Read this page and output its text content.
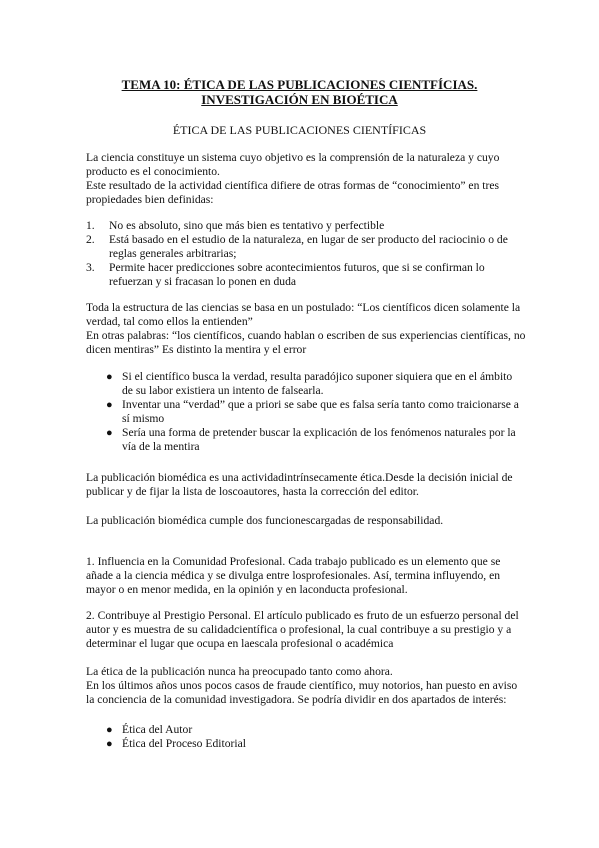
TEMA 10: ÉTICA DE LAS PUBLICACIONES CIENTFÍCIAS.
INVESTIGACIÓN EN BIOÉTICA
ÉTICA DE LAS PUBLICACIONES CIENTÍFICAS

La ciencia constituye un sistema cuyo objetivo es la comprensión de la naturaleza y cuyo producto es el conocimiento.

Este resultado de la actividad científica difiere de otras formas de “conocimiento” en tres propiedades bien definidas:

1. No es absoluto, sino que más bien es tentativo y perfectible
2. Está basado en el estudio de la naturaleza, en lugar de ser producto del raciocinio o de reglas generales arbitrarias;
3. Permite hacer predicciones sobre acontecimientos futuros, que si se confirman lo refuerzan y si fracasan lo ponen en duda

Toda la estructura de las ciencias se basa en un postulado: “Los científicos dicen solamente la verdad, tal como ellos la entienden”

En otras palabras: “los científicos, cuando hablan o escriben de sus experiencias científicas, no dicen mentiras” Es distinto la mentira y el error

● Si el científico busca la verdad, resulta paradójico suponer siquiera que en el ámbito de su labor existiera un intento de falsearla.
● Inventar una “verdad” que a priori se sabe que es falsa sería tanto como traicionarse a sí mismo
● Sería una forma de pretender buscar la explicación de los fenómenos naturales por la vía de la mentira
La publicación biomédica es una actividadintrínsecamente ética.Desde la decisión inicial de publicar y de fijar la lista de loscoautores, hasta la corrección del editor.
La publicación biomédica cumple dos funcionescargadas de responsabilidad.
1. Influencia en la Comunidad Profesional. Cada trabajo publicado es un elemento que se añade a la ciencia médica y se divulga entre losprofesionales. Así, termina influyendo, en mayor o en menor medida, en la opinión y en laconducta profesional.
2. Contribuye al Prestigio Personal. El artículo publicado es fruto de un esfuerzo personal del autor y es muestra de su calidadcientífica o profesional, la cual contribuye a su prestigio y a determinar el lugar que ocupa en laescala profesional o académica

La ética de la publicación nunca ha preocupado tanto como ahora.

En los últimos años unos pocos casos de fraude científico, muy notorios, han puesto en aviso la conciencia de la comunidad investigadora. Se podría dividir en dos apartados de interés:

● Ética del Autor
● Ética del Proceso Editorial
